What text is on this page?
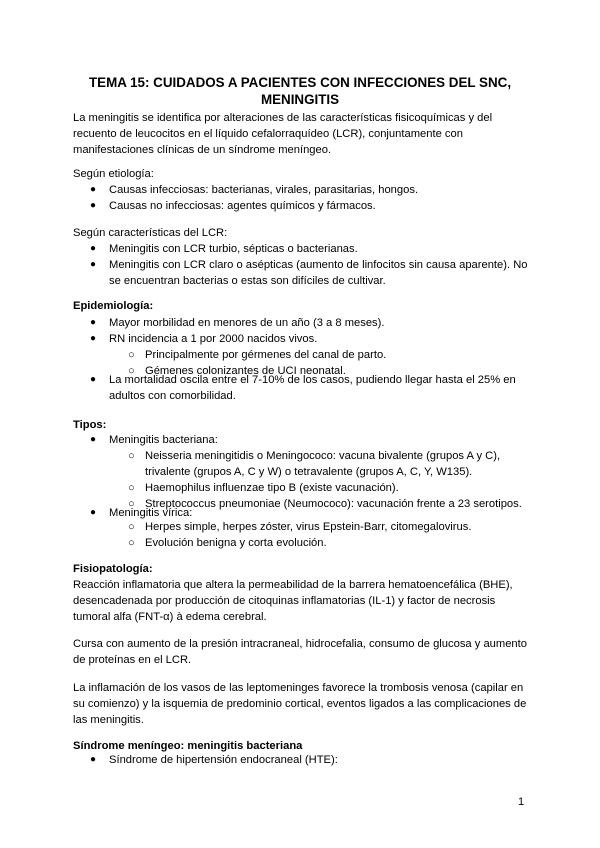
TEMA 15: CUIDADOS A PACIENTES CON INFECCIONES DEL SNC,
MENINGITIS
La meningitis se identifica por alteraciones de las características fisicoquímicas y del
recuento de leucocitos en el líquido cefalorraquídeo (LCR), conjuntamente con
manifestaciones clínicas de un síndrome meníngeo.
Según etiología:
● Causas infecciosas: bacterianas, virales, parasitarias, hongos.
● Causas no infecciosas: agentes químicos y fármacos.
Según características del LCR:
● Meningitis con LCR turbio, sépticas o bacterianas.
● Meningitis con LCR claro o asépticas (aumento de linfocitos sin causa aparente). No
se encuentran bacterias o estas son difíciles de cultivar.
Epidemiología:
● Mayor morbilidad en menores de un año (3 a 8 meses).
● RN incidencia a 1 por 2000 nacidos vivos.
○ Principalmente por gérmenes del canal de parto.
○ Gémenes colonizantes de UCI neonatal.
● La mortalidad oscila entre el 7-10% de los casos, pudiendo llegar hasta el 25% en
adultos con comorbilidad.
Tipos:
● Meningitis bacteriana:
○ Neisseria meningitidis o Meningococo: vacuna bivalente (grupos A y C),
trivalente (grupos A, C y W) o tetravalente (grupos A, C, Y, W135).
○ Haemophilus influenzae tipo B (existe vacunación).
○ Streptococcus pneumoniae (Neumococo): vacunación frente a 23 serotipos.
● Meningitis vírica:
○ Herpes simple, herpes zóster, virus Epstein-Barr, citomegalovirus.
○ Evolución benigna y corta evolución.
Fisiopatología:
Reacción inflamatoria que altera la permeabilidad de la barrera hematoencefálica (BHE),
desencadenada por producción de citoquinas inflamatorias (IL-1) y factor de necrosis
tumoral alfa (FNT-α) à edema cerebral.
Cursa con aumento de la presión intracraneal, hidrocefalia, consumo de glucosa y aumento
de proteínas en el LCR.
La inflamación de los vasos de las leptomeninges favorece la trombosis venosa (capilar en
su comienzo) y la isquemia de predominio cortical, eventos ligados a las complicaciones de
las meningitis.
Síndrome meníngeo: meningitis bacteriana
● Síndrome de hipertensión endocraneal (HTE):
1
